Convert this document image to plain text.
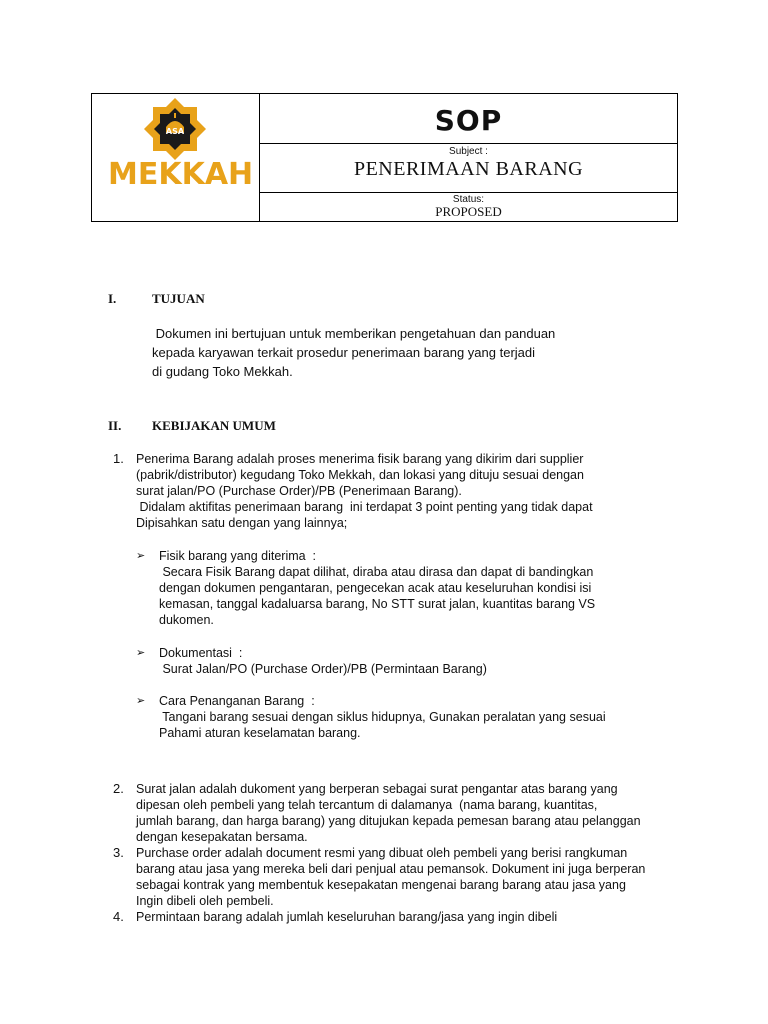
ASA
MEKKAH
SOP
Subject :
PENERIMAAN BARANG
Status:
PROPOSED
I.	TUJUAN
Dokumen ini bertujuan untuk memberikan pengetahuan dan panduan
kepada karyawan terkait prosedur penerimaan barang yang terjadi
di gudang Toko Mekkah.
II. KEBIJAKAN UMUM
1. Penerima Barang adalah proses menerima fisik barang yang dikirim dari supplier
(pabrik/distributor) kegudang Toko Mekkah, dan lokasi yang dituju sesuai dengan
surat jalan/PO (Purchase Order)/PB (Penerimaan Barang).
Didalam aktifitas penerimaan barang  ini terdapat 3 point penting yang tidak dapat
Dipisahkan satu dengan yang lainnya;
➢ Fisik barang yang diterima  :
Secara Fisik Barang dapat dilihat, diraba atau dirasa dan dapat di bandingkan
dengan dokumen pengantaran, pengecekan acak atau keseluruhan kondisi isi
kemasan, tanggal kadaluarsa barang, No STT surat jalan, kuantitas barang VS
dukomen.
➢ Dokumentasi  :
Surat Jalan/PO (Purchase Order)/PB (Permintaan Barang)
➢ Cara Penanganan Barang  :
Tangani barang sesuai dengan siklus hidupnya, Gunakan peralatan yang sesuai
Pahami aturan keselamatan barang.
2. Surat jalan adalah dukoment yang berperan sebagai surat pengantar atas barang yang
dipesan oleh pembeli yang telah tercantum di dalamanya  (nama barang, kuantitas,
jumlah barang, dan harga barang) yang ditujukan kepada pemesan barang atau pelanggan
dengan kesepakatan bersama.
3. Purchase order adalah document resmi yang dibuat oleh pembeli yang berisi rangkuman
barang atau jasa yang mereka beli dari penjual atau pemansok. Dokument ini juga berperan
sebagai kontrak yang membentuk kesepakatan mengenai barang barang atau jasa yang
Ingin dibeli oleh pembeli.
4. Permintaan barang adalah jumlah keseluruhan barang/jasa yang ingin dibeli
